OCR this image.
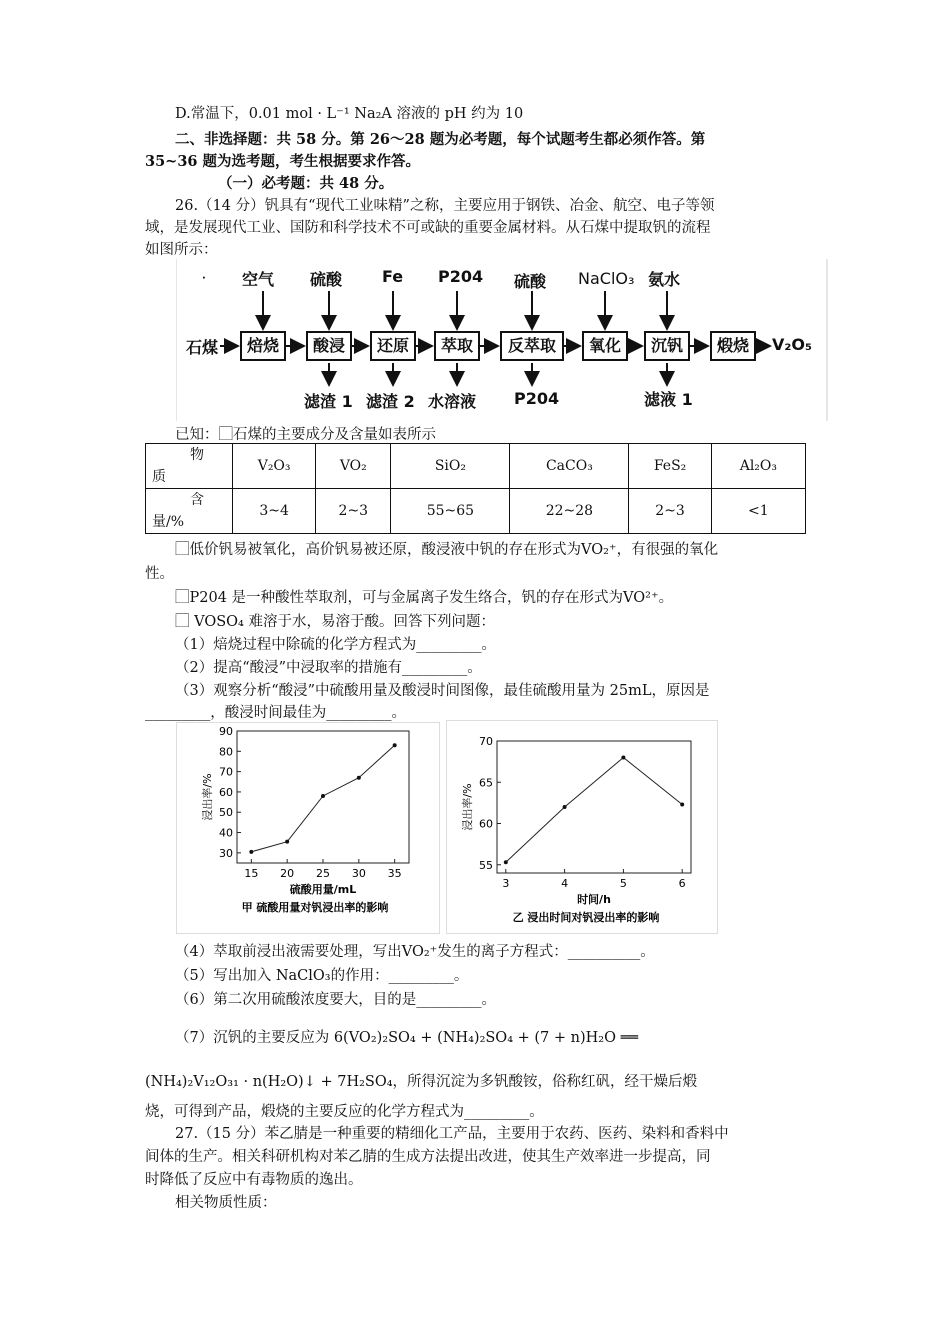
D.常温下，0.01 mol · L⁻¹ Na₂A 溶液的 pH 约为 10
二、非选择题：共 58 分。第 26～28 题为必考题，每个试题考生都必须作答。第
35~36 题为选考题，考生根据要求作答。
（一）必考题：共 48 分。
26.（14 分）钒具有“现代工业味精”之称，主要应用于钢铁、冶金、航空、电子等领
域，是发展现代工业、国防和科学技术不可或缺的重要金属材料。从石煤中提取钒的流程
如图所示：
石煤	焙烧	酸浸	还原	萃取	反萃取	氧化	沉钒	煅烧	V₂O₅
空气 硫酸 Fe P204 硫酸 NaClO₃ 氨水
滤渣 1 滤渣 2 水溶液 P204	滤液 1
·
已知：⃞石煤的主要成分及含量如表所示
物
质	V₂O₃	VO₂	SiO₂	CaCO₃	FeS₂	Al₂O₃

含
量/%	3~4	2~3	55~65	22~28	2~3	<1
⃞低价钒易被氧化，高价钒易被还原，酸浸液中钒的存在形式为VO₂⁺，有很强的氧化
性。
⃞P204 是一种酸性萃取剂，可与金属离子发生络合，钒的存在形式为VO²⁺。
⃞ VOSO₄ 难溶于水，易溶于酸。回答下列问题：
（1）焙烧过程中除硫的化学方程式为_________。
（2）提高“酸浸”中浸取率的措施有_________。
（3）观察分析“酸浸”中硫酸用量及酸浸时间图像，最佳硫酸用量为 25mL，原因是
_________，酸浸时间最佳为_________。
30
40
50
60
70
80
90
15 20 25 30 35
硫酸用量/mL
浸出率/%
甲 硫酸用量对钒浸出率的影响
55
60
65
70
3	4	5	6
时间/h
浸出率/%
乙 浸出时间对钒浸出率的影响
（4）萃取前浸出液需要处理，写出VO₂⁺发生的离子方程式：__________。
（5）写出加入 NaClO₃的作用：_________。
（6）第二次用硫酸浓度要大，目的是_________。
（7）沉钒的主要反应为 6(VO₂)₂SO₄ + (NH₄)₂SO₄ + (7 + n)H₂O ══
(NH₄)₂V₁₂O₃₁ · n(H₂O)↓ + 7H₂SO₄，所得沉淀为多钒酸铵，俗称红矾，经干燥后煅
烧，可得到产品，煅烧的主要反应的化学方程式为_________。
27.（15 分）苯乙腈是一种重要的精细化工产品，主要用于农药、医药、染料和香料中
间体的生产。相关科研机构对苯乙腈的生成方法提出改进，使其生产效率进一步提高，同
时降低了反应中有毒物质的逸出。
相关物质性质：
